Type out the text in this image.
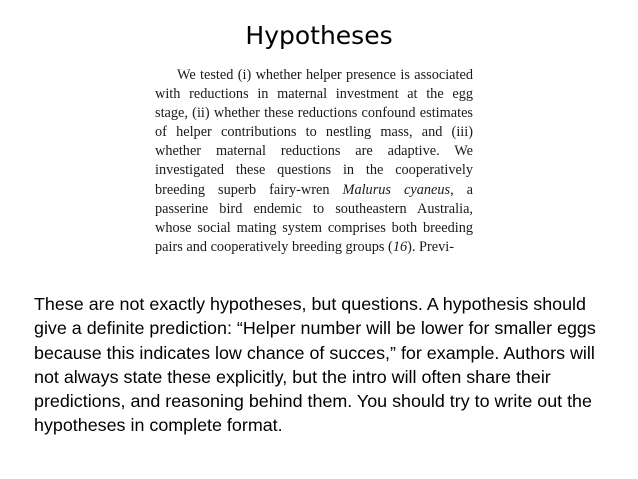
Hypotheses
We tested (i) whether helper presence is associated with reductions in maternal investment at the egg stage, (ii) whether these reductions confound estimates of helper contributions to nestling mass, and (iii) whether maternal reductions are adaptive. We investigated these questions in the cooperatively breeding superb fairy-wren Malurus cyaneus, a passerine bird endemic to southeastern Australia, whose social mating system comprises both breeding pairs and cooperatively breeding groups (16). Previ-
These are not exactly hypotheses, but questions. A hypothesis should give a definite prediction: “Helper number will be lower for smaller eggs because this indicates low chance of succes,” for example. Authors will not always state these explicitly, but the intro will often share their predictions, and reasoning behind them. You should try to write out the hypotheses in complete format.
